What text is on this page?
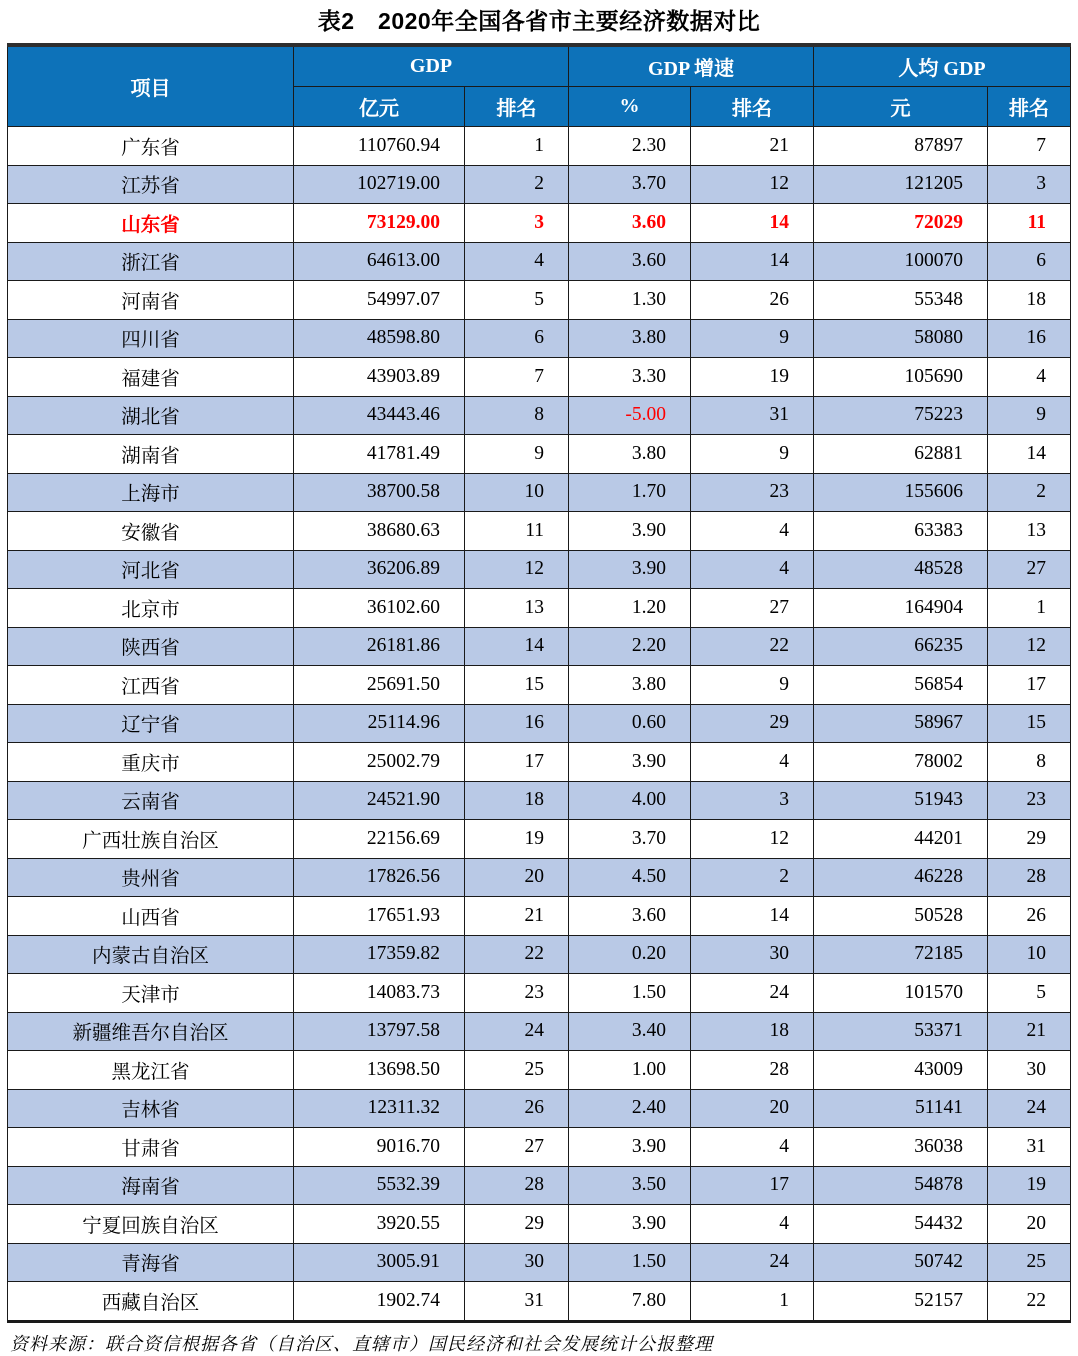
表2　2020年全国各省市主要经济数据对比
项目	GDP		GDP 增速		人均 GDP	
	亿元	排名	%	排名	元	排名
广东省	110760.94	1	2.30	21	87897	7
江苏省	102719.00	2	3.70	12	121205	3
山东省	73129.00	3	3.60	14	72029	11
浙江省	64613.00	4	3.60	14	100070	6
河南省	54997.07	5	1.30	26	55348	18
四川省	48598.80	6	3.80	9	58080	16
福建省	43903.89	7	3.30	19	105690	4
湖北省	43443.46	8	-5.00	31	75223	9
湖南省	41781.49	9	3.80	9	62881	14
上海市	38700.58	10	1.70	23	155606	2
安徽省	38680.63	11	3.90	4	63383	13
河北省	36206.89	12	3.90	4	48528	27
北京市	36102.60	13	1.20	27	164904	1
陕西省	26181.86	14	2.20	22	66235	12
江西省	25691.50	15	3.80	9	56854	17
辽宁省	25114.96	16	0.60	29	58967	15
重庆市	25002.79	17	3.90	4	78002	8
云南省	24521.90	18	4.00	3	51943	23
广西壮族自治区	22156.69	19	3.70	12	44201	29
贵州省	17826.56	20	4.50	2	46228	28
山西省	17651.93	21	3.60	14	50528	26
内蒙古自治区	17359.82	22	0.20	30	72185	10
天津市	14083.73	23	1.50	24	101570	5
新疆维吾尔自治区	13797.58	24	3.40	18	53371	21
黑龙江省	13698.50	25	1.00	28	43009	30
吉林省	12311.32	26	2.40	20	51141	24
甘肃省	9016.70	27	3.90	4	36038	31
海南省	5532.39	28	3.50	17	54878	19
宁夏回族自治区	3920.55	29	3.90	4	54432	20
青海省	3005.91	30	1.50	24	50742	25
西藏自治区	1902.74	31	7.80	1	52157	22
资料来源：联合资信根据各省（自治区、直辖市）国民经济和社会发展统计公报整理
